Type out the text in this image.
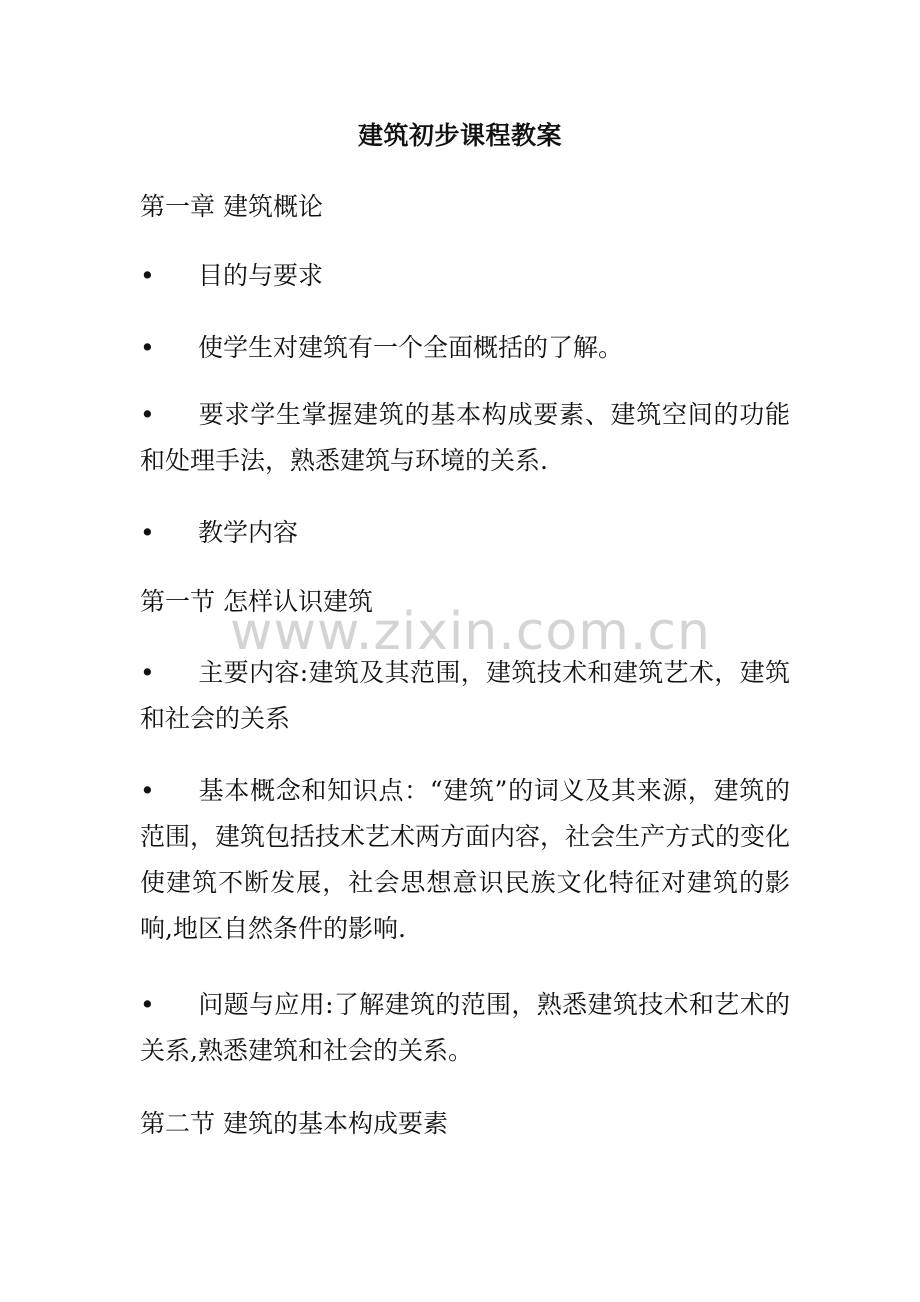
建筑初步课程教案
第一章 建筑概论
• 目的与要求
• 使学生对建筑有一个全面概括的了解。
• 要求学生掌握建筑的基本构成要素、建筑空间的功能和处理手法，熟悉建筑与环境的关系.
• 教学内容
第一节 怎样认识建筑
• 主要内容:建筑及其范围，建筑技术和建筑艺术，建筑和社会的关系
• 基本概念和知识点：“建筑”的词义及其来源，建筑的范围，建筑包括技术艺术两方面内容，社会生产方式的变化使建筑不断发展，社会思想意识民族文化特征对建筑的影响,地区自然条件的影响.
• 问题与应用:了解建筑的范围，熟悉建筑技术和艺术的关系,熟悉建筑和社会的关系。
第二节 建筑的基本构成要素
www.zixin.com.cn
